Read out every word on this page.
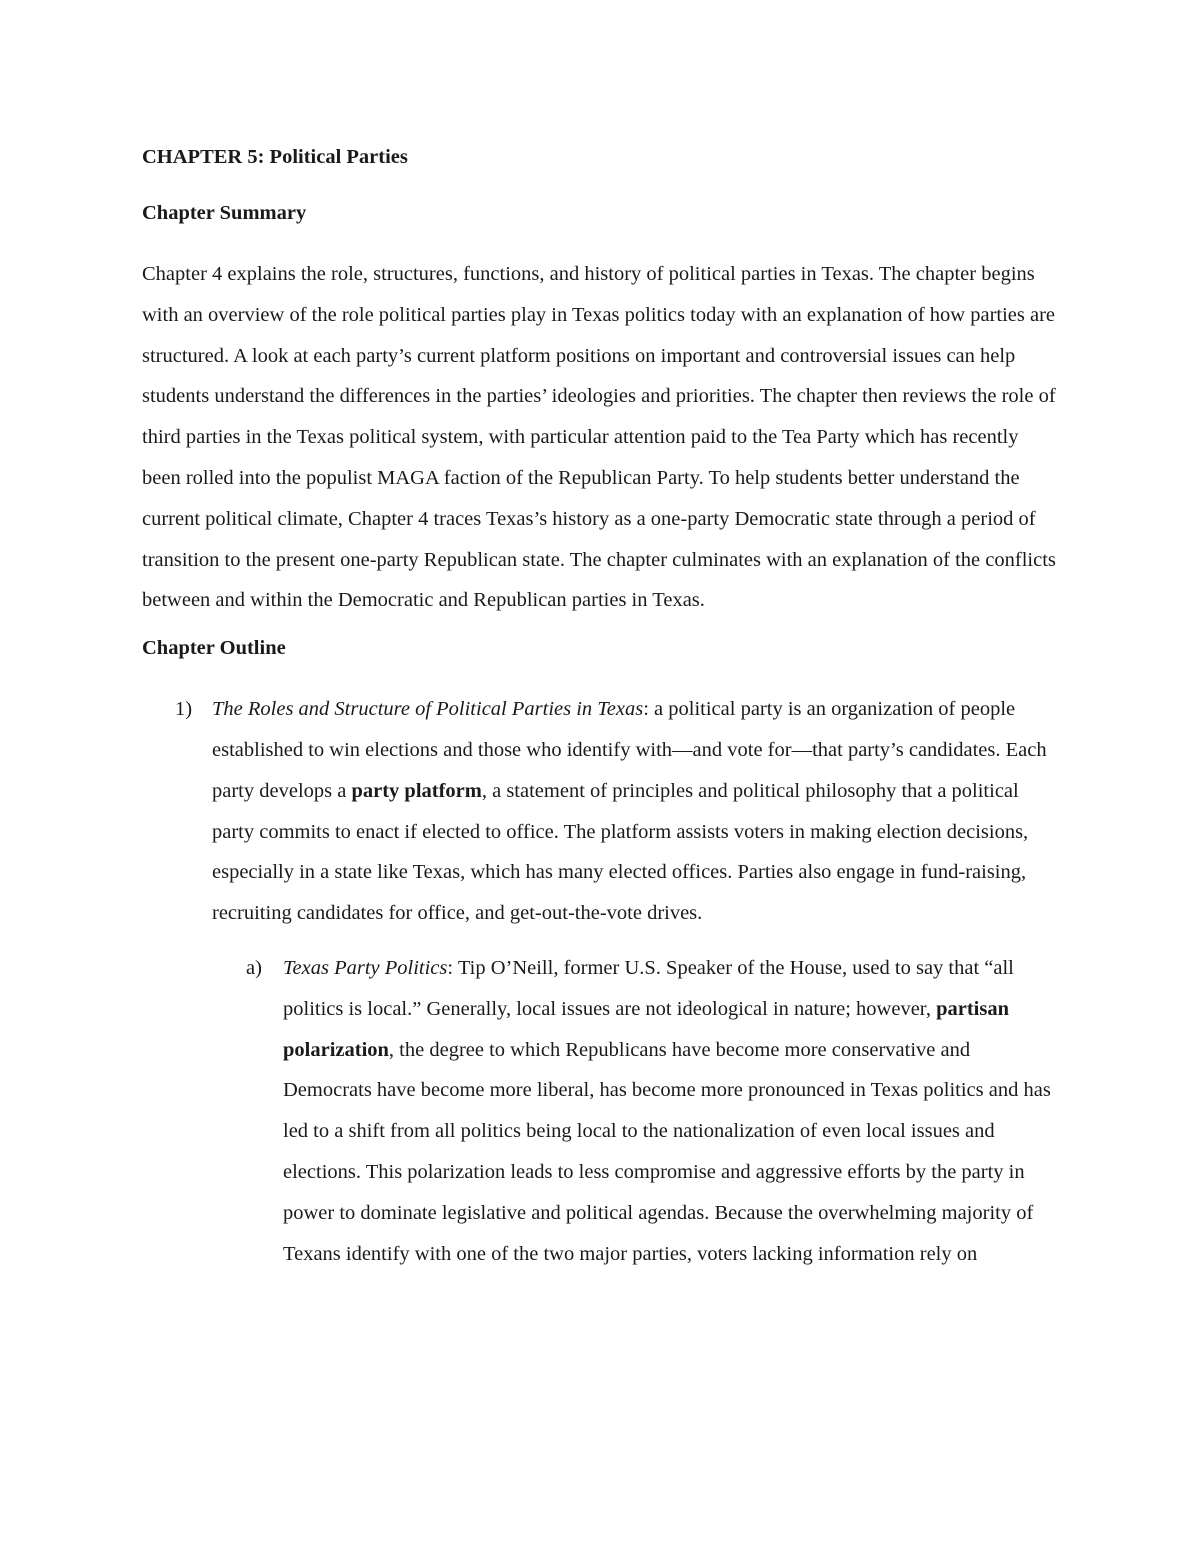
CHAPTER 5: Political Parties

Chapter Summary

Chapter 4 explains the role, structures, functions, and history of political parties in Texas. The chapter begins with an overview of the role political parties play in Texas politics today with an explanation of how parties are structured. A look at each party’s current platform positions on important and controversial issues can help students understand the differences in the parties’ ideologies and priorities. The chapter then reviews the role of third parties in the Texas political system, with particular attention paid to the Tea Party which has recently been rolled into the populist MAGA faction of the Republican Party. To help students better understand the current political climate, Chapter 4 traces Texas’s history as a one-party Democratic state through a period of transition to the present one-party Republican state. The chapter culminates with an explanation of the conflicts between and within the Democratic and Republican parties in Texas.

Chapter Outline

1) The Roles and Structure of Political Parties in Texas: a political party is an organization of people established to win elections and those who identify with—and vote for—that party’s candidates. Each party develops a party platform, a statement of principles and political philosophy that a political party commits to enact if elected to office. The platform assists voters in making election decisions, especially in a state like Texas, which has many elected offices. Parties also engage in fund-raising, recruiting candidates for office, and get-out-the-vote drives.
a) Texas Party Politics: Tip O’Neill, former U.S. Speaker of the House, used to say that “all politics is local.” Generally, local issues are not ideological in nature; however, partisan polarization, the degree to which Republicans have become more conservative and Democrats have become more liberal, has become more pronounced in Texas politics and has led to a shift from all politics being local to the nationalization of even local issues and elections. This polarization leads to less compromise and aggressive efforts by the party in power to dominate legislative and political agendas. Because the overwhelming majority of Texans identify with one of the two major parties, voters lacking information rely on
